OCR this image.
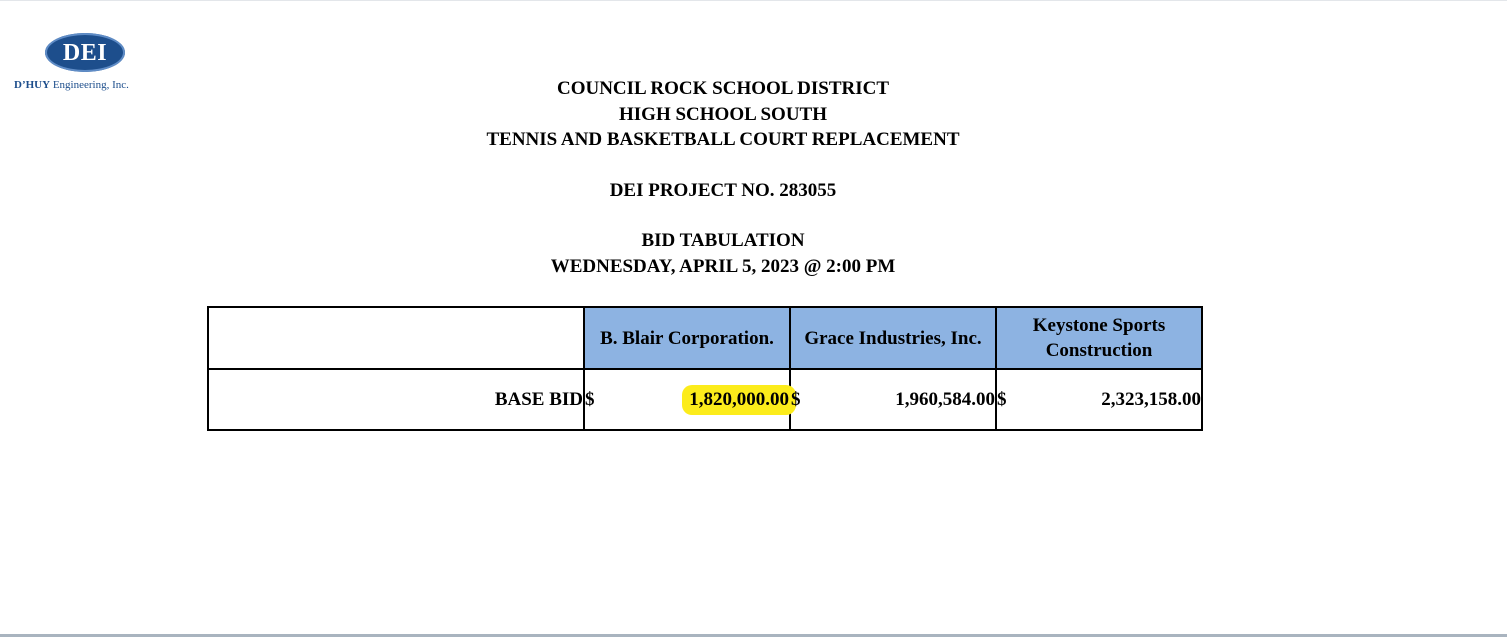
DEI
D’HUY Engineering, Inc.	COUNCIL ROCK SCHOOL DISTRICT

HIGH SCHOOL SOUTH

TENNIS AND BASKETBALL COURT REPLACEMENT

DEI PROJECT NO. 283055

BID TABULATION

WEDNESDAY, APRIL 5, 2023 @ 2:00 PM

	B. Blair Corporation.	Grace Industries, Inc.	Keystone Sports Construction
BASE BID	$ 1,820,000.00	$ 1,960,584.00	$ 2,323,158.00
